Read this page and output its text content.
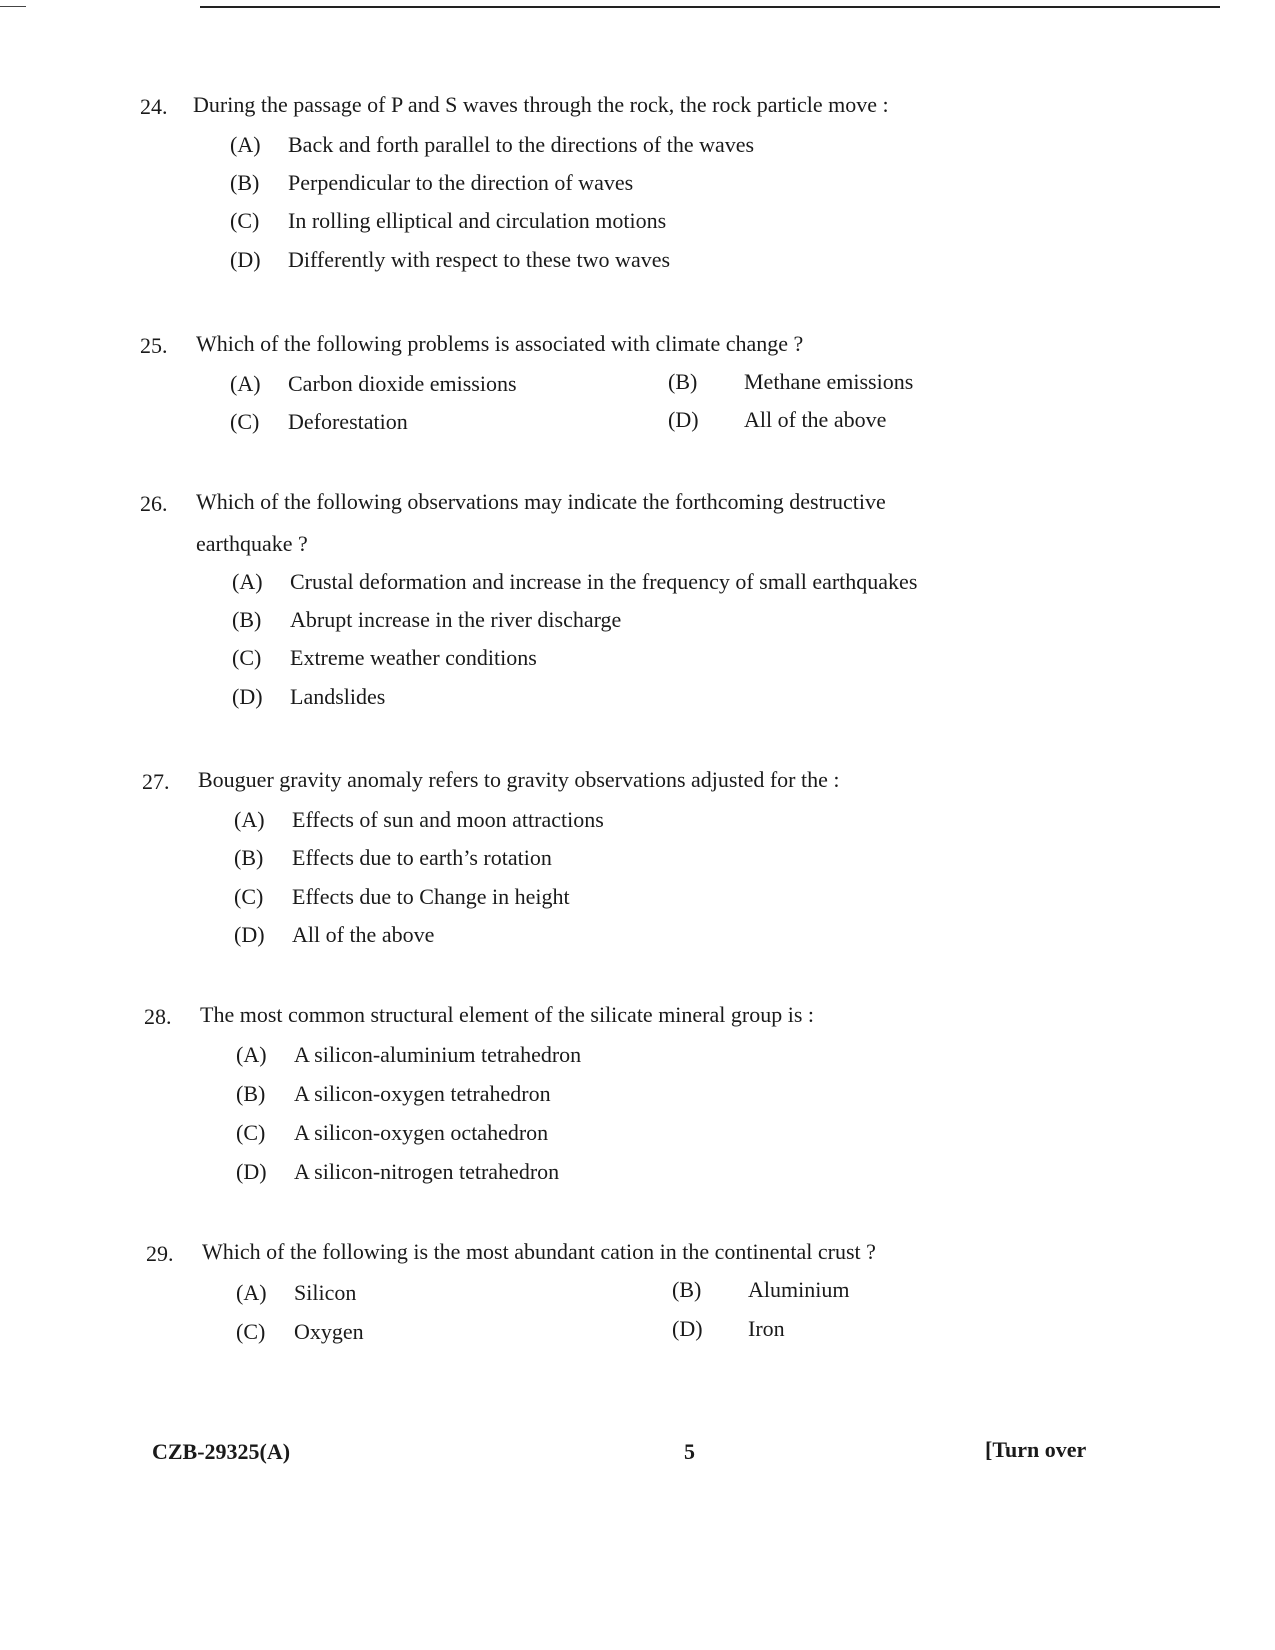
24. During the passage of P and S waves through the rock, the rock particle move :
(A) Back and forth parallel to the directions of the waves
(B) Perpendicular to the direction of waves
(C) In rolling elliptical and circulation motions
(D) Differently with respect to these two waves
25. Which of the following problems is associated with climate change ?
(A) Carbon dioxide emissions	(B) Methane emissions
(C) Deforestation	(D) All of the above
26. Which of the following observations may indicate the forthcoming destructive
earthquake ?
(A) Crustal deformation and increase in the frequency of small earthquakes
(B) Abrupt increase in the river discharge
(C) Extreme weather conditions
(D) Landslides
27. Bouguer gravity anomaly refers to gravity observations adjusted for the :
(A) Effects of sun and moon attractions
(B) Effects due to earth’s rotation
(C) Effects due to Change in height
(D) All of the above
28. The most common structural element of the silicate mineral group is :
(A) A silicon-aluminium tetrahedron
(B) A silicon-oxygen tetrahedron
(C) A silicon-oxygen octahedron
(D) A silicon-nitrogen tetrahedron
29. Which of the following is the most abundant cation in the continental crust ?
(A) Silicon	(B) Aluminium
(C) Oxygen	(D) Iron
CZB-29325(A)	5	[Turn over
